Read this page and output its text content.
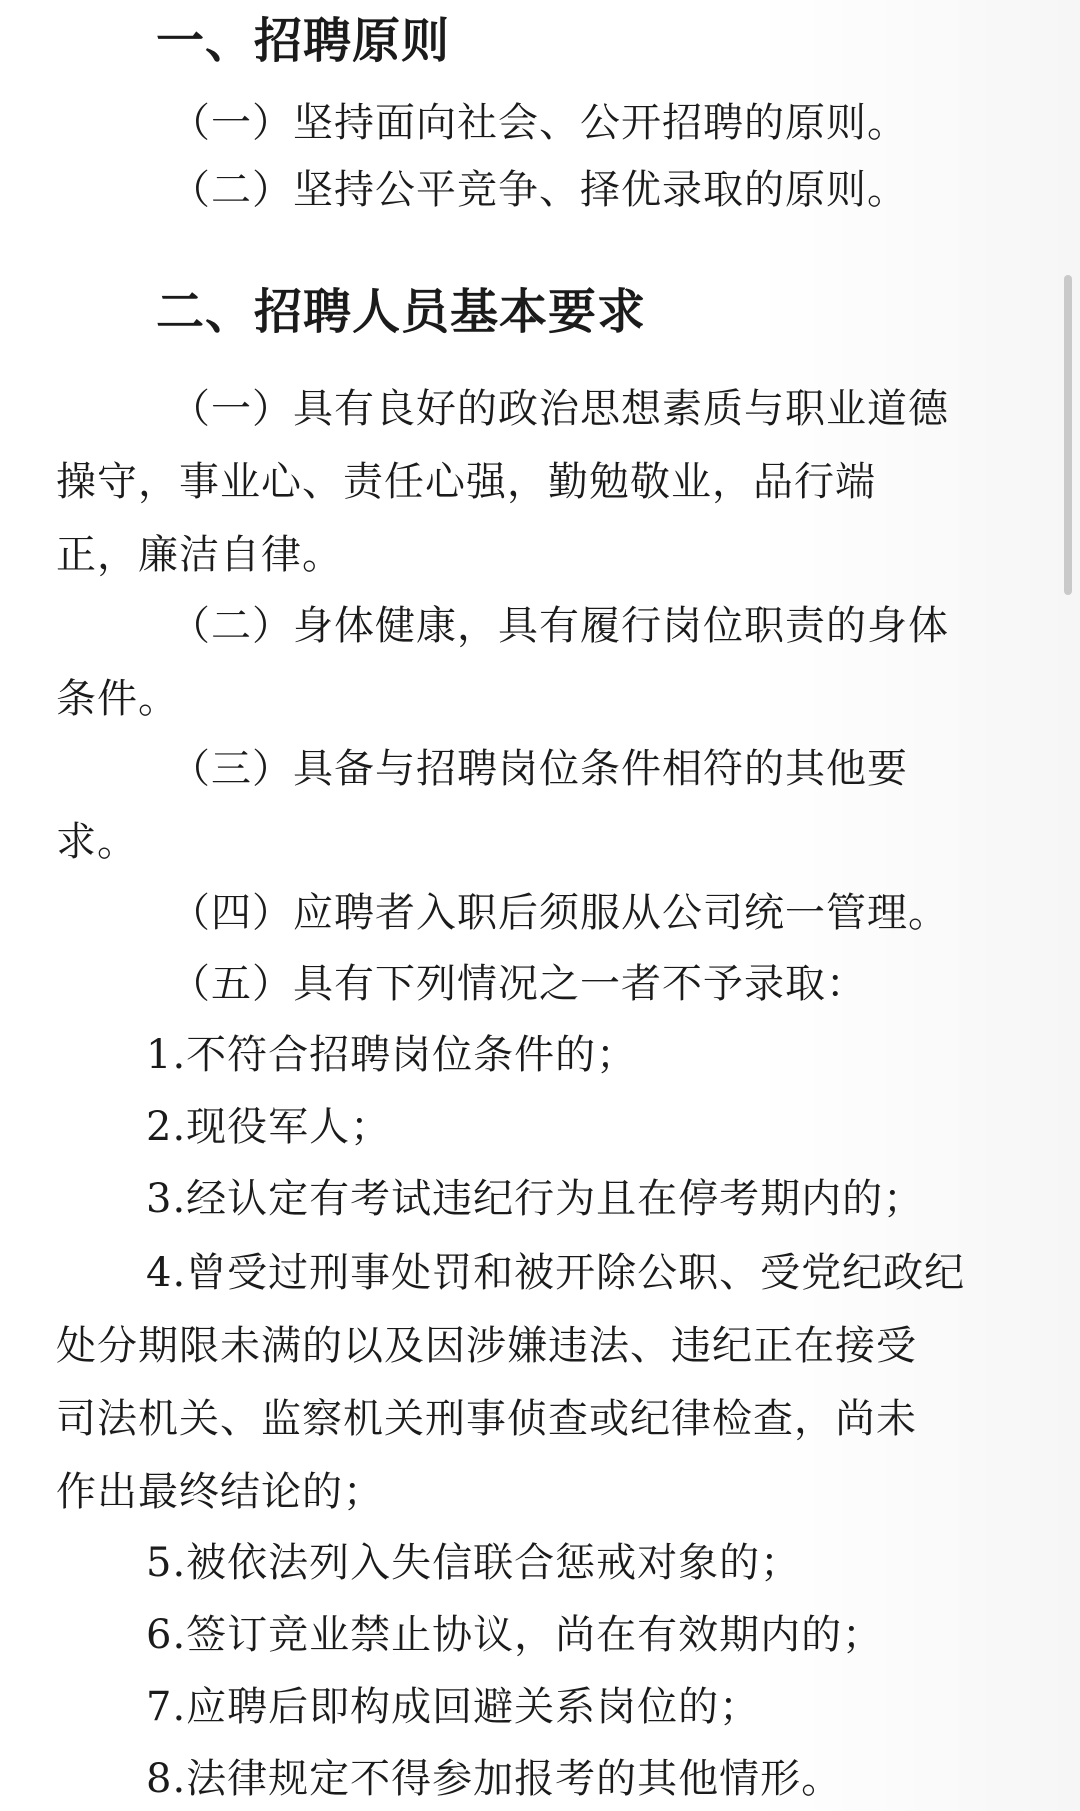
一、招聘原则
（一）坚持面向社会、公开招聘的原则。
（二）坚持公平竞争、择优录取的原则。
二、招聘人员基本要求
（一）具有良好的政治思想素质与职业道德
操守，事业心、责任心强，勤勉敬业，品行端
正，廉洁自律。
（二）身体健康，具有履行岗位职责的身体
条件。
（三）具备与招聘岗位条件相符的其他要
求。
（四）应聘者入职后须服从公司统一管理。
（五）具有下列情况之一者不予录取：
1.不符合招聘岗位条件的；
2.现役军人；
3.经认定有考试违纪行为且在停考期内的；
4.曾受过刑事处罚和被开除公职、受党纪政纪
处分期限未满的以及因涉嫌违法、违纪正在接受
司法机关、监察机关刑事侦查或纪律检查，尚未
作出最终结论的；
5.被依法列入失信联合惩戒对象的；
6.签订竞业禁止协议，尚在有效期内的；
7.应聘后即构成回避关系岗位的；
8.法律规定不得参加报考的其他情形。
